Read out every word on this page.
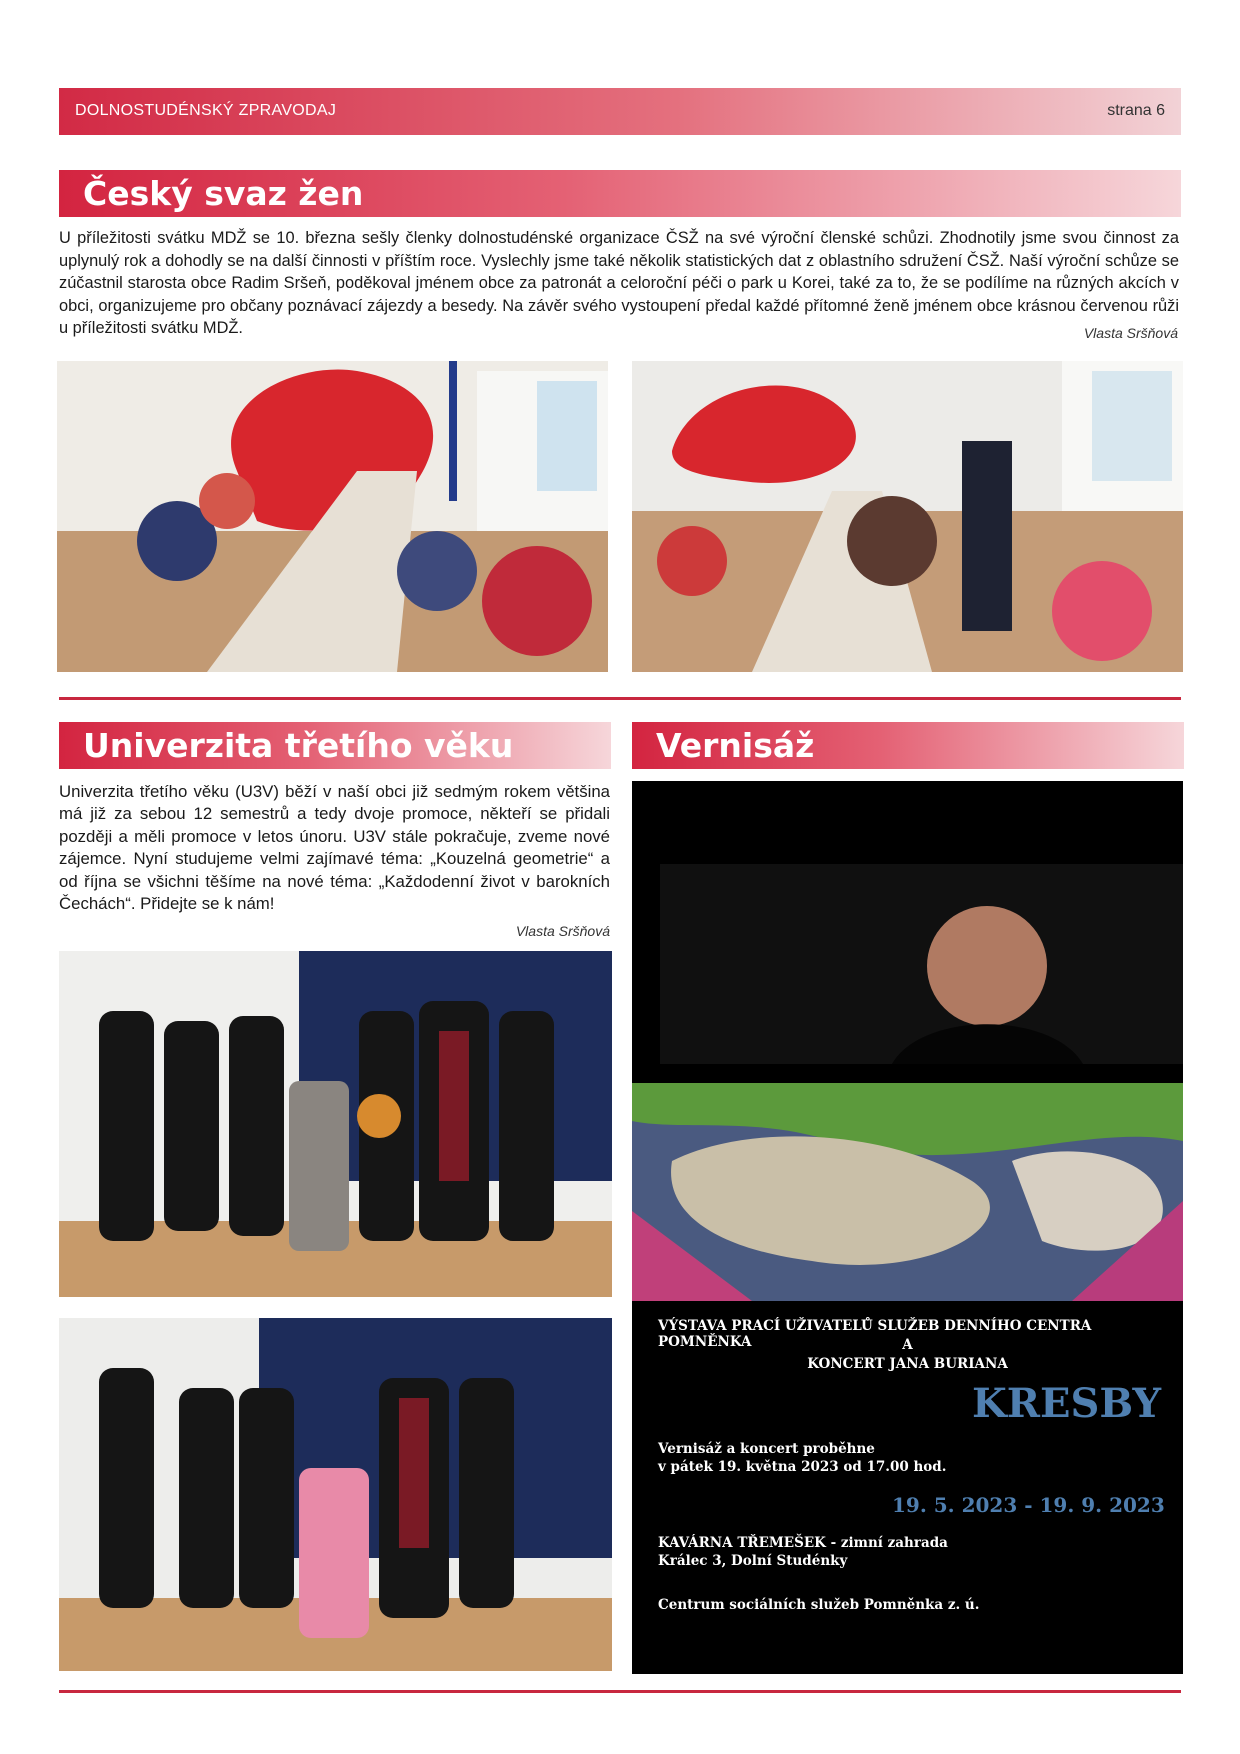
DOLNOSTUDÉNSKÝ ZPRAVODAJ	strana 6
Český svaz žen
U příležitosti svátku MDŽ se 10. března sešly členky dolnostudénské organizace ČSŽ na své výroční členské schůzi. Zhodnotily jsme svou činnost za uplynulý rok a dohodly se na další činnosti v příštím roce. Vyslechly jsme také několik statistických dat z oblastního sdružení ČSŽ. Naší výroční schůze se zúčastnil starosta obce Radim Sršeň, poděkoval jménem obce za patronát a celoroční péči o park u Korei, také za to, že se podílíme na různých akcích v obci, organizujeme pro občany poznávací zájezdy a besedy. Na závěr svého vystoupení předal každé přítomné ženě jménem obce krásnou červenou růži u příležitosti svátku MDŽ.	Vlasta Sršňová
Univerzita třetího věku
Univerzita třetího věku (U3V) běží v naší obci již sedmým rokem většina má již za sebou 12 semestrů a tedy dvoje promoce, někteří se přidali později a měli promoce v letos únoru. U3V stále pokračuje, zveme nové zájemce. Nyní studujeme velmi zajímavé téma: „Kouzelná geometrie“ a od října se všichni těšíme na nové téma: „Každodenní život v barokních Čechách“. Přidejte se k nám!
Vlasta Sršňová
Vernisáž
VÝSTAVA PRACÍ UŽIVATELŮ SLUŽEB DENNÍHO CENTRA POMNĚNKA	A
KONCERT JANA BURIANA
KRESBY
Vernisáž a koncert proběhne
v pátek 19. května 2023 od 17.00 hod.
19. 5. 2023 - 19. 9. 2023
KAVÁRNA TŘEMEŠEK - zimní zahrada
Králec 3, Dolní Studénky
Centrum sociálních služeb Pomněnka z. ú.
